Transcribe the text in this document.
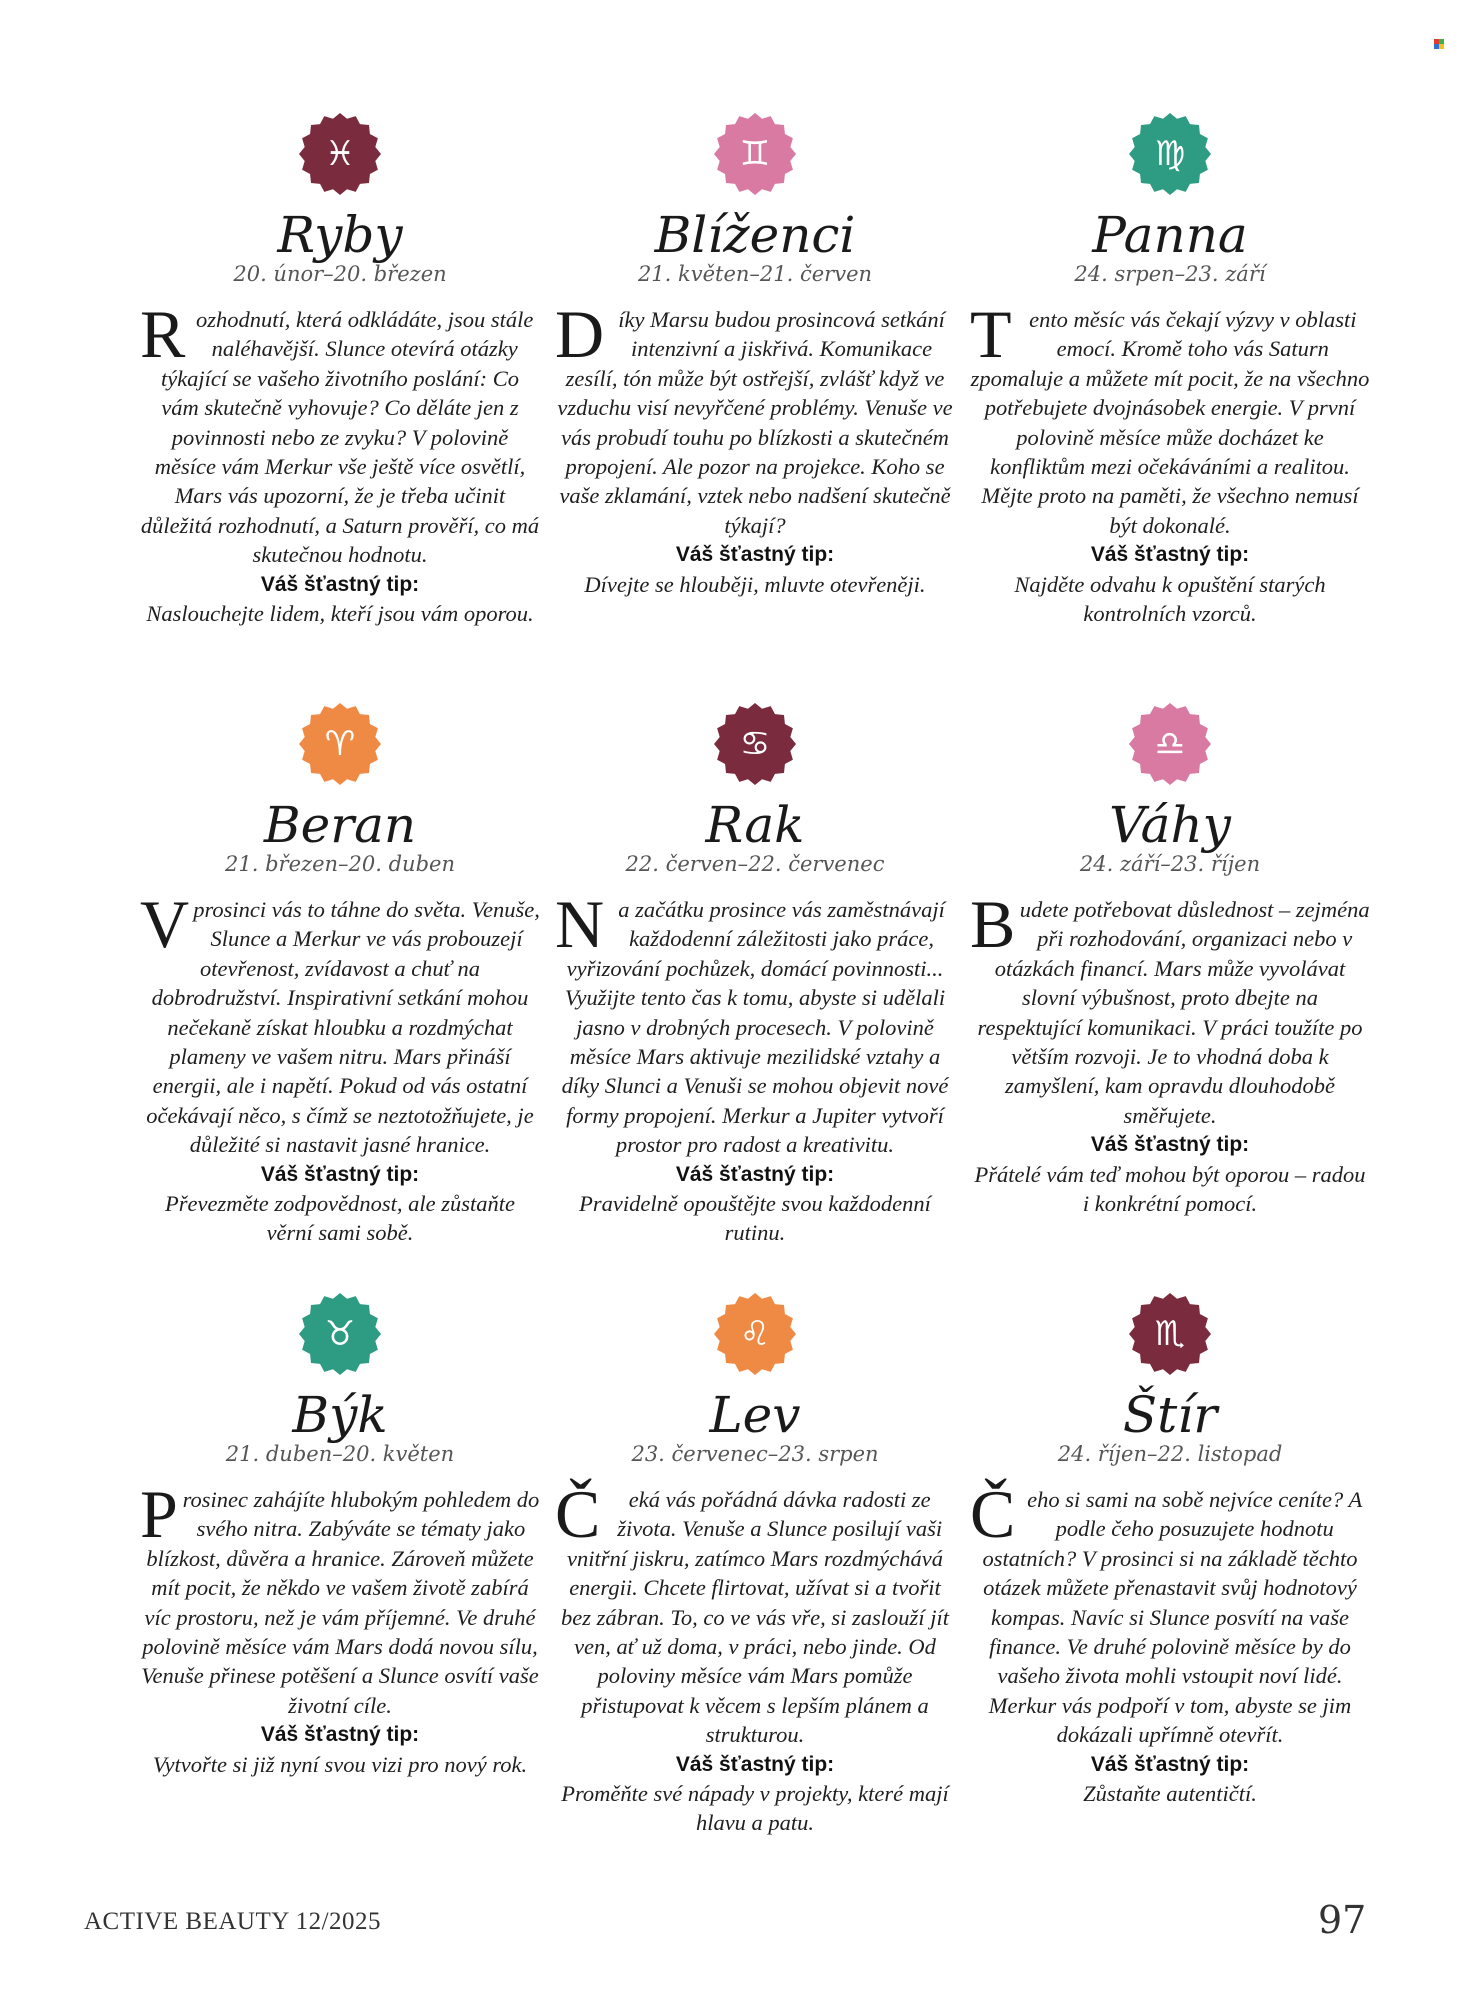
♓
Ryby
20. únor–20. březen
Rozhodnutí, která odkládáte, jsou stále naléhavější. Slunce otevírá otázky týkající se vašeho životního poslání: Co vám skutečně vyhovuje? Co děláte jen z povinnosti nebo ze zvyku? V polovině měsíce vám Merkur vše ještě více osvětlí, Mars vás upozorní, že je třeba učinit důležitá rozhodnutí, a Saturn prověří, co má skutečnou hodnotu.
Váš šťastný tip:
Naslouchejte lidem, kteří jsou vám oporou.
♊
Blíženci
21. květen–21. červen
Díky Marsu budou prosincová setkání intenzivní a jiskřivá. Komunikace zesílí, tón může být ostřejší, zvlášť když ve vzduchu visí nevyřčené problémy. Venuše ve vás probudí touhu po blízkosti a skutečném propojení. Ale pozor na projekce. Koho se vaše zklamání, vztek nebo nadšení skutečně týkají?
Váš šťastný tip:
Dívejte se hlouběji, mluvte otevřeněji.
♍
Panna
24. srpen–23. září
Tento měsíc vás čekají výzvy v oblasti emocí. Kromě toho vás Saturn zpomaluje a můžete mít pocit, že na všechno potřebujete dvojnásobek energie. V první polovině měsíce může docházet ke konfliktům mezi očekáváními a realitou. Mějte proto na paměti, že všechno nemusí být dokonalé.
Váš šťastný tip:
Najděte odvahu k opuštění starých kontrolních vzorců.
♈
Beran
21. březen–20. duben
Vprosinci vás to táhne do světa. Venuše, Slunce a Merkur ve vás probouzejí otevřenost, zvídavost a chuť na dobrodružství. Inspirativní setkání mohou nečekaně získat hloubku a rozdmýchat plameny ve vašem nitru. Mars přináší energii, ale i napětí. Pokud od vás ostatní očekávají něco, s čímž se neztotožňujete, je důležité si nastavit jasné hranice.
Váš šťastný tip:
Převezměte zodpovědnost, ale zůstaňte věrní sami sobě.
♋
Rak
22. červen–22. červenec
Na začátku prosince vás zaměstnávají každodenní záležitosti jako práce, vyřizování pochůzek, domácí povinnosti... Využijte tento čas k tomu, abyste si udělali jasno v drobných procesech. V polovině měsíce Mars aktivuje mezilidské vztahy a díky Slunci a Venuši se mohou objevit nové formy propojení. Merkur a Jupiter vytvoří prostor pro radost a kreativitu.
Váš šťastný tip:
Pravidelně opouštějte svou každodenní rutinu.
♎
Váhy
24. září–23. říjen
Budete potřebovat důslednost – zejména při rozhodování, organizaci nebo v otázkách financí. Mars může vyvolávat slovní výbušnost, proto dbejte na respektující komunikaci. V práci toužíte po větším rozvoji. Je to vhodná doba k zamyšlení, kam opravdu dlouhodobě směřujete.
Váš šťastný tip:
Přátelé vám teď mohou být oporou – radou i konkrétní pomocí.
♉
Býk
21. duben–20. květen
Prosinec zahájíte hlubokým pohledem do svého nitra. Zabýváte se tématy jako blízkost, důvěra a hranice. Zároveň můžete mít pocit, že někdo ve vašem životě zabírá víc prostoru, než je vám příjemné. Ve druhé polovině měsíce vám Mars dodá novou sílu, Venuše přinese potěšení a Slunce osvítí vaše životní cíle.
Váš šťastný tip:
Vytvořte si již nyní svou vizi pro nový rok.
♌
Lev
23. červenec–23. srpen
Č eká vás pořádná dávka radosti ze života. Venuše a Slunce posilují vaši vnitřní jiskru, zatímco Mars rozdmýchává energii. Chcete flirtovat, užívat si a tvořit bez zábran. To, co ve vás vře, si zaslouží jít ven, ať už doma, v práci, nebo jinde. Od poloviny měsíce vám Mars pomůže přistupovat k věcem s lepším plánem a strukturou.
Váš šťastný tip:
Proměňte své nápady v projekty, které mají hlavu a patu.
♏
Štír
24. říjen–22. listopad
Čeho si sami na sobě nejvíce ceníte? A podle čeho posuzujete hodnotu ostatních? V prosinci si na základě těchto otázek můžete přenastavit svůj hodnotový kompas. Navíc si Slunce posvítí na vaše finance. Ve druhé polovině měsíce by do vašeho života mohli vstoupit noví lidé. Merkur vás podpoří v tom, abyste se jim dokázali upřímně otevřít.
Váš šťastný tip:
Zůstaňte autentičtí.
ACTIVE BEAUTY 12/2025	97
